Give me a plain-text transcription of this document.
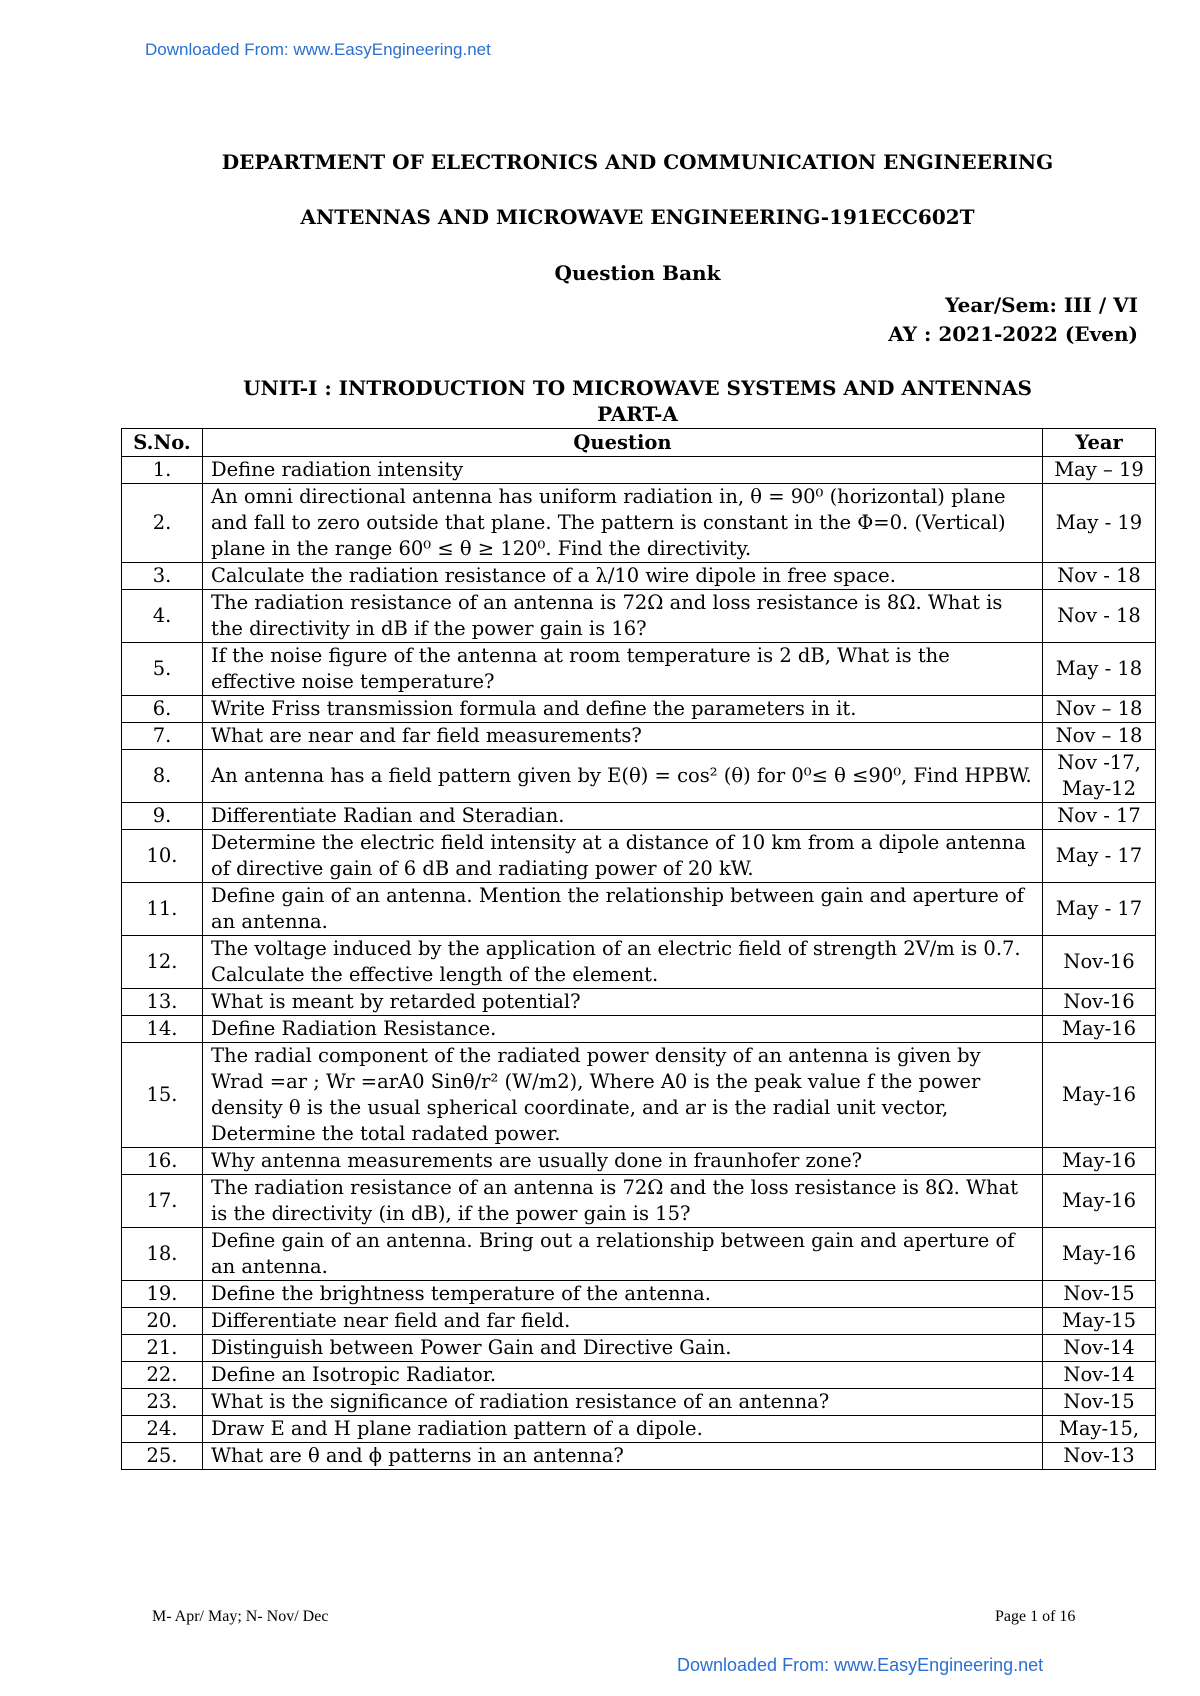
Downloaded From: www.EasyEngineering.net
DEPARTMENT OF ELECTRONICS AND COMMUNICATION ENGINEERING
ANTENNAS AND MICROWAVE ENGINEERING-191ECC602T
Question Bank
Year/Sem: III / VI
AY : 2021-2022 (Even)
UNIT-I : INTRODUCTION TO MICROWAVE SYSTEMS AND ANTENNAS
PART-A
S.No.	Question	Year
1.	Define radiation intensity	May – 19
2.	An omni directional antenna has uniform radiation in, θ = 90⁰ (horizontal) plane and fall to zero outside that plane. The pattern is constant in the Φ=0. (Vertical) plane in the range 60⁰ ≤ θ ≥ 120⁰. Find the directivity.	May - 19
3.	Calculate the radiation resistance of a λ/10 wire dipole in free space.	Nov - 18
4.	The radiation resistance of an antenna is 72Ω and loss resistance is 8Ω. What is the directivity in dB if the power gain is 16?	Nov - 18
5.	If the noise figure of the antenna at room temperature is 2 dB, What is the effective noise temperature?	May - 18
6.	Write Friss transmission formula and define the parameters in it.	Nov – 18
7.	What are near and far field measurements?	Nov – 18
8.	An antenna has a field pattern given by E(θ) = cos² (θ) for 0⁰≤ θ ≤90⁰, Find HPBW.	Nov -17, May-12
9.	Differentiate Radian and Steradian.	Nov - 17
10.	Determine the electric field intensity at a distance of 10 km from a dipole antenna of directive gain of 6 dB and radiating power of 20 kW.	May - 17
11.	Define gain of an antenna. Mention the relationship between gain and aperture of an antenna.	May - 17
12.	The voltage induced by the application of an electric field of strength 2V/m is 0.7. Calculate the effective length of the element.	Nov-16
13.	What is meant by retarded potential?	Nov-16
14.	Define Radiation Resistance.	May-16
15.	The radial component of the radiated power density of an antenna is given by Wrad =ar ; Wr =arA0 Sinθ/r² (W/m2), Where A0 is the peak value f the power density θ is the usual spherical coordinate, and ar is the radial unit vector, Determine the total radated power.	May-16
16.	Why antenna measurements are usually done in fraunhofer zone?	May-16
17.	The radiation resistance of an antenna is 72Ω and the loss resistance is 8Ω. What is the directivity (in dB), if the power gain is 15?	May-16
18.	Define gain of an antenna. Bring out a relationship between gain and aperture of an antenna.	May-16
19.	Define the brightness temperature of the antenna.	Nov-15
20.	Differentiate near field and far field.	May-15
21.	Distinguish between Power Gain and Directive Gain.	Nov-14
22.	Define an Isotropic Radiator.	Nov-14
23.	What is the significance of radiation resistance of an antenna?	Nov-15
24.	Draw E and H plane radiation pattern of a dipole.	May-15,
25.	What are θ and ϕ patterns in an antenna?	Nov-13
M- Apr/ May; N- Nov/ Dec	Page 1 of 16
Downloaded From: www.EasyEngineering.net
